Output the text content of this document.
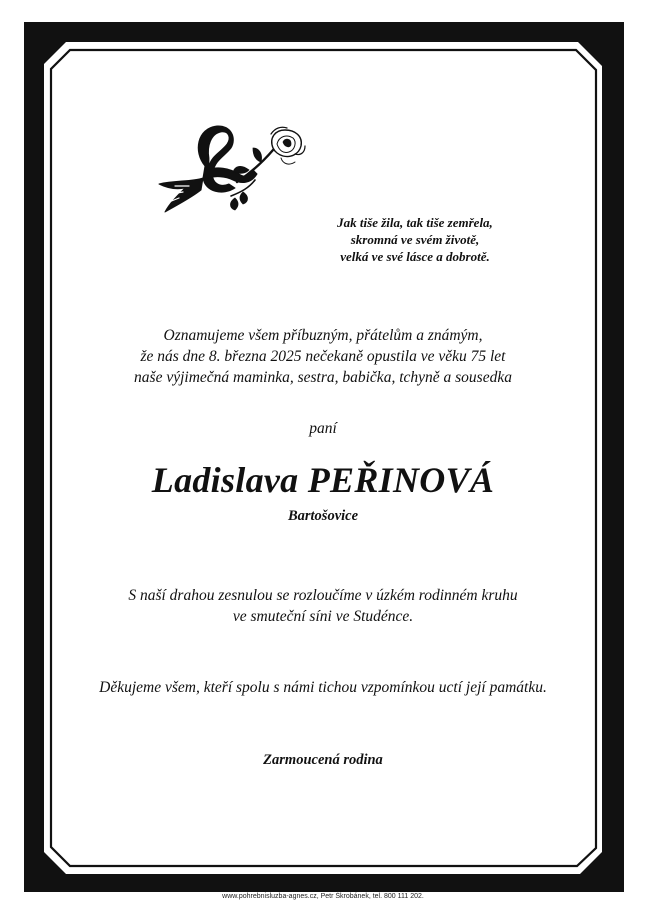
Jak tiše žila, tak tiše zemřela,
skromná ve svém životě,
velká ve své lásce a dobrotě.
Oznamujeme všem příbuzným, přátelům a známým,
že nás dne 8. března 2025 nečekaně opustila ve věku 75 let
naše výjimečná maminka, sestra, babička, tchyně a sousedka

paní

Ladislava PEŘINOVÁ

Bartošovice

S naší drahou zesnulou se rozloučíme v úzkém rodinném kruhu
ve smuteční síni ve Studénce.

Děkujeme všem, kteří spolu s námi tichou vzpomínkou uctí její památku.

Zarmoucená rodina

www.pohrebnisluzba-agnes.cz, Petr Škrobánek, tel. 800 111 202.
